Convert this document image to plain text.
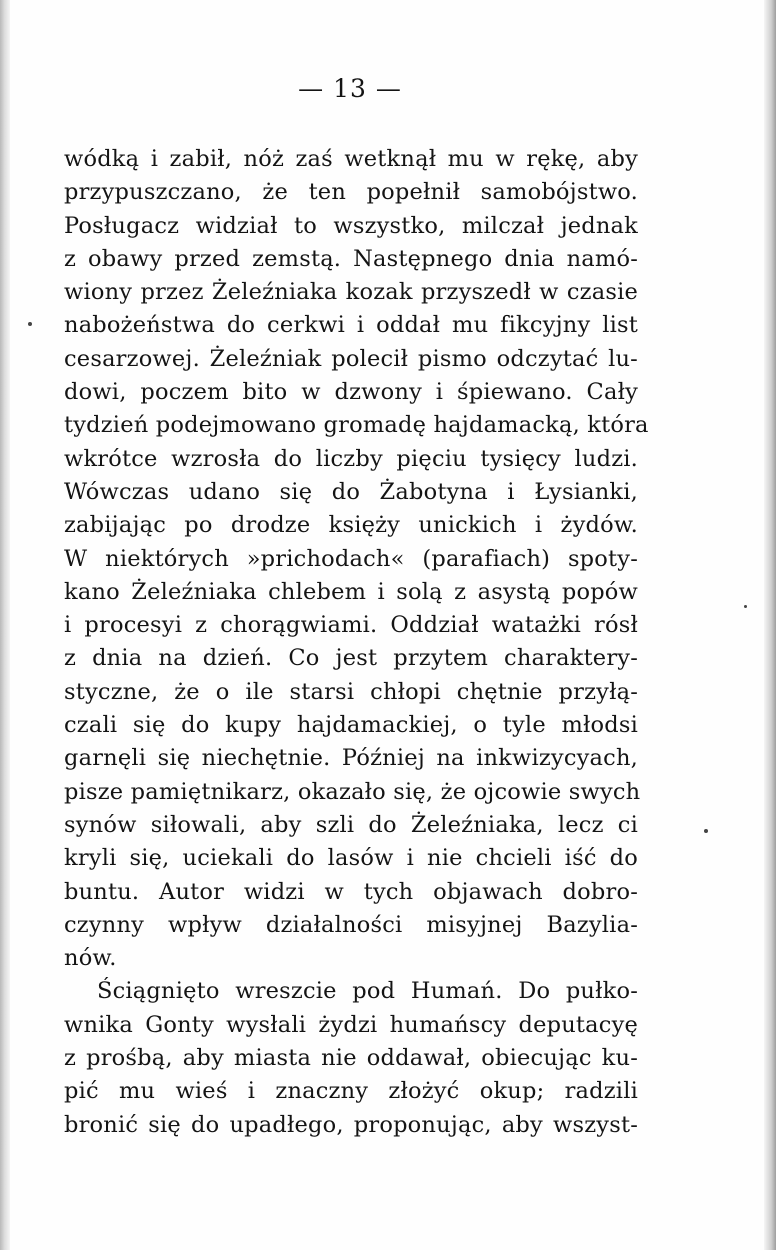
— 13 —
wódką i zabił, nóż zaś wetknął mu w rękę, aby
przypuszczano, że ten popełnił samobójstwo.
Posługacz widział to wszystko, milczał jednak
z obawy przed zemstą. Następnego dnia namó-
wiony przez Żeleźniaka kozak przyszedł w czasie
nabożeństwa do cerkwi i oddał mu fikcyjny list
cesarzowej. Żeleźniak polecił pismo odczytać lu-
dowi, poczem bito w dzwony i śpiewano. Cały
tydzień podejmowano gromadę hajdamacką, która
wkrótce wzrosła do liczby pięciu tysięcy ludzi.
Wówczas udano się do Żabotyna i Łysianki,
zabijając po drodze księży unickich i żydów.
W niektórych »prichodach« (parafiach) spoty-
kano Żeleźniaka chlebem i solą z asystą popów
i procesyi z chorągwiami. Oddział watażki rósł
z dnia na dzień. Co jest przytem charaktery-
styczne, że o ile starsi chłopi chętnie przyłą-
czali się do kupy hajdamackiej, o tyle młodsi
garnęli się niechętnie. Później na inkwizycyach,
pisze pamiętnikarz, okazało się, że ojcowie swych
synów siłowali, aby szli do Żeleźniaka, lecz ci
kryli się, uciekali do lasów i nie chcieli iść do
buntu. Autor widzi w tych objawach dobro-
czynny wpływ działalności misyjnej Bazylia-
nów.
Ściągnięto wreszcie pod Humań. Do pułko-
wnika Gonty wysłali żydzi humańscy deputacyę
z prośbą, aby miasta nie oddawał, obiecując ku-
pić mu wieś i znaczny złożyć okup; radzili
bronić się do upadłego, proponując, aby wszyst-
